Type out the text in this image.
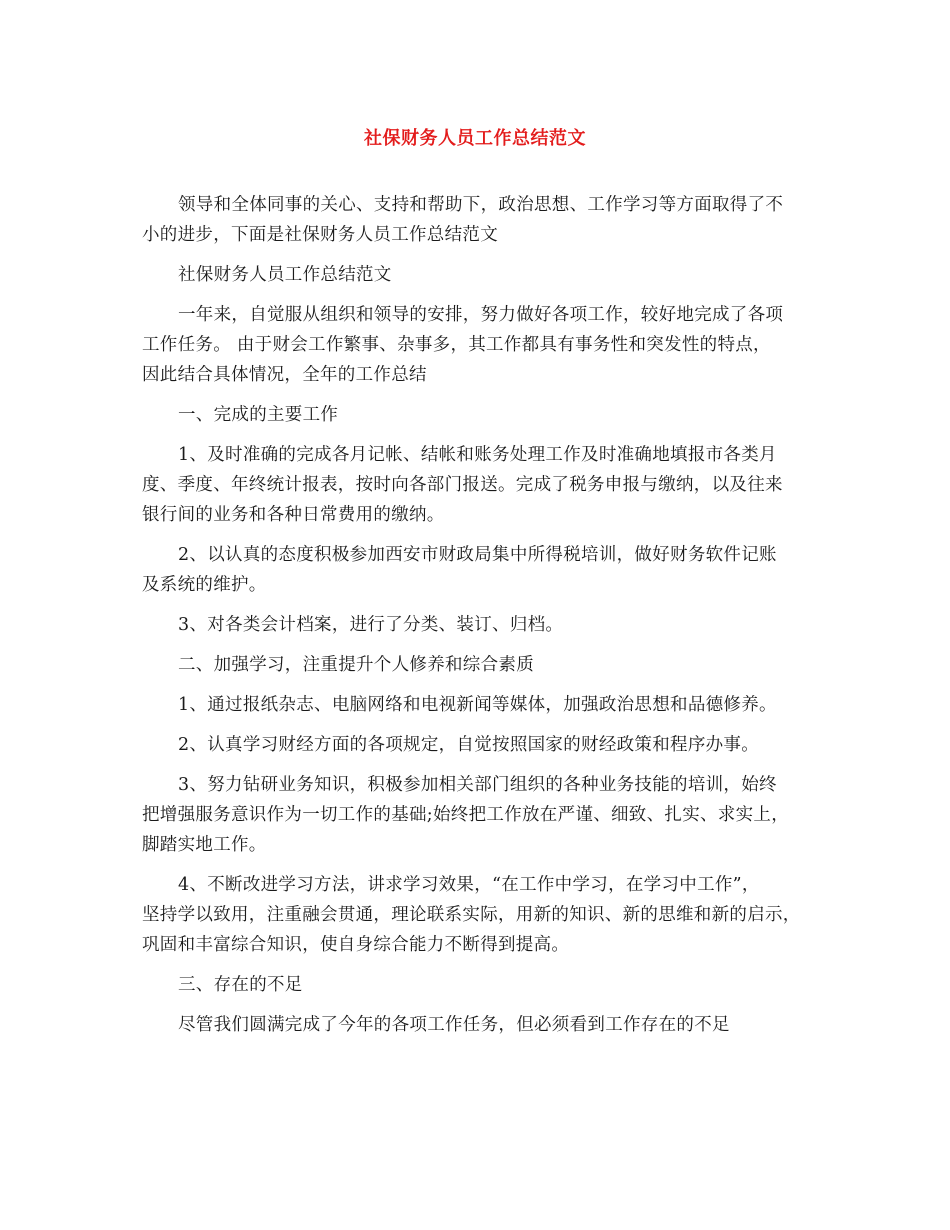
社保财务人员工作总结范文

领导和全体同事的关心、支持和帮助下，政治思想、工作学习等方面取得了不
小的进步，下面是社保财务人员工作总结范文

社保财务人员工作总结范文

一年来，自觉服从组织和领导的安排，努力做好各项工作，较好地完成了各项
工作任务。 由于财会工作繁事、杂事多，其工作都具有事务性和突发性的特点，
因此结合具体情况，全年的工作总结

一、完成的主要工作

1、及时准确的完成各月记帐、结帐和账务处理工作及时准确地填报市各类月
度、季度、年终统计报表，按时向各部门报送。完成了税务申报与缴纳，以及往来
银行间的业务和各种日常费用的缴纳。

2、以认真的态度积极参加西安市财政局集中所得税培训，做好财务软件记账
及系统的维护。

3、对各类会计档案，进行了分类、装订、归档。

二、加强学习，注重提升个人修养和综合素质

1、通过报纸杂志、电脑网络和电视新闻等媒体，加强政治思想和品德修养。

2、认真学习财经方面的各项规定，自觉按照国家的财经政策和程序办事。

3、努力钻研业务知识，积极参加相关部门组织的各种业务技能的培训，始终
把增强服务意识作为一切工作的基础;始终把工作放在严谨、细致、扎实、求实上，
脚踏实地工作。

4、不断改进学习方法，讲求学习效果，“在工作中学习，在学习中工作”，
坚持学以致用，注重融会贯通，理论联系实际，用新的知识、新的思维和新的启示，
巩固和丰富综合知识，使自身综合能力不断得到提高。

三、存在的不足

尽管我们圆满完成了今年的各项工作任务，但必须看到工作存在的不足
